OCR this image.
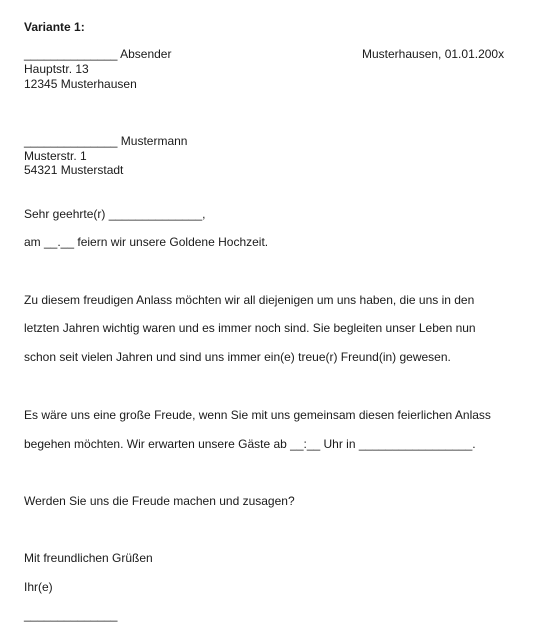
Variante 1:
______________ Absender	Musterhausen, 01.01.200x
Hauptstr. 13
12345 Musterhausen
______________ Mustermann
Musterstr. 1
54321 Musterstadt
Sehr geehrte(r) ______________,
am __.__ feiern wir unsere Goldene Hochzeit.
Zu diesem freudigen Anlass möchten wir all diejenigen um uns haben, die uns in den
letzten Jahren wichtig waren und es immer noch sind. Sie begleiten unser Leben nun
schon seit vielen Jahren und sind uns immer ein(e) treue(r) Freund(in) gewesen.
Es wäre uns eine große Freude, wenn Sie mit uns gemeinsam diesen feierlichen Anlass
begehen möchten. Wir erwarten unsere Gäste ab __:__ Uhr in _________________.
Werden Sie uns die Freude machen und zusagen?
Mit freundlichen Grüßen
Ihr(e)
______________
